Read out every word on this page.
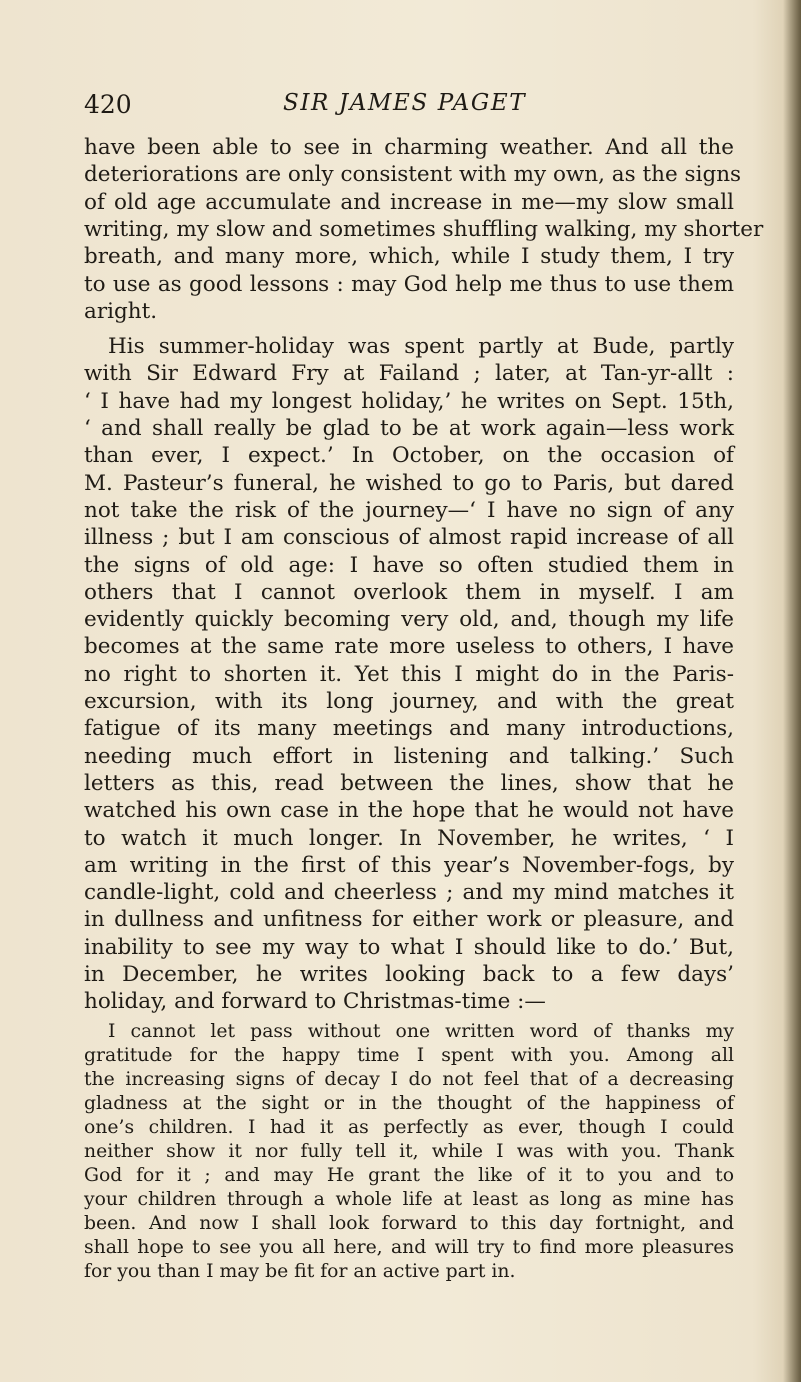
420	SIR JAMES PAGET
have been able to see in charming weather. And all the
deteriorations are only consistent with my own, as the signs
of old age accumulate and increase in me—my slow small
writing, my slow and sometimes shuffling walking, my shorter
breath, and many more, which, while I study them, I try
to use as good lessons : may God help me thus to use them
aright.
His summer-holiday was spent partly at Bude, partly
with Sir Edward Fry at Failand ; later, at Tan-yr-allt :
‘ I have had my longest holiday,’ he writes on Sept. 15th,
‘ and shall really be glad to be at work again—less work
than ever, I expect.’ In October, on the occasion of
M. Pasteur’s funeral, he wished to go to Paris, but dared
not take the risk of the journey—‘ I have no sign of any
illness ; but I am conscious of almost rapid increase of all
the signs of old age: I have so often studied them in
others that I cannot overlook them in myself. I am
evidently quickly becoming very old, and, though my life
becomes at the same rate more useless to others, I have
no right to shorten it. Yet this I might do in the Paris-
excursion, with its long journey, and with the great
fatigue of its many meetings and many introductions,
needing much effort in listening and talking.’ Such
letters as this, read between the lines, show that he
watched his own case in the hope that he would not have
to watch it much longer. In November, he writes, ‘ I
am writing in the first of this year’s November-fogs, by
candle-light, cold and cheerless ; and my mind matches it
in dullness and unfitness for either work or pleasure, and
inability to see my way to what I should like to do.’ But,
in December, he writes looking back to a few days’
holiday, and forward to Christmas-time :—
I cannot let pass without one written word of thanks my
gratitude for the happy time I spent with you. Among all
the increasing signs of decay I do not feel that of a decreasing
gladness at the sight or in the thought of the happiness of
one’s children. I had it as perfectly as ever, though I could
neither show it nor fully tell it, while I was with you. Thank
God for it ; and may He grant the like of it to you and to
your children through a whole life at least as long as mine has
been. And now I shall look forward to this day fortnight, and
shall hope to see you all here, and will try to find more pleasures
for you than I may be fit for an active part in.
